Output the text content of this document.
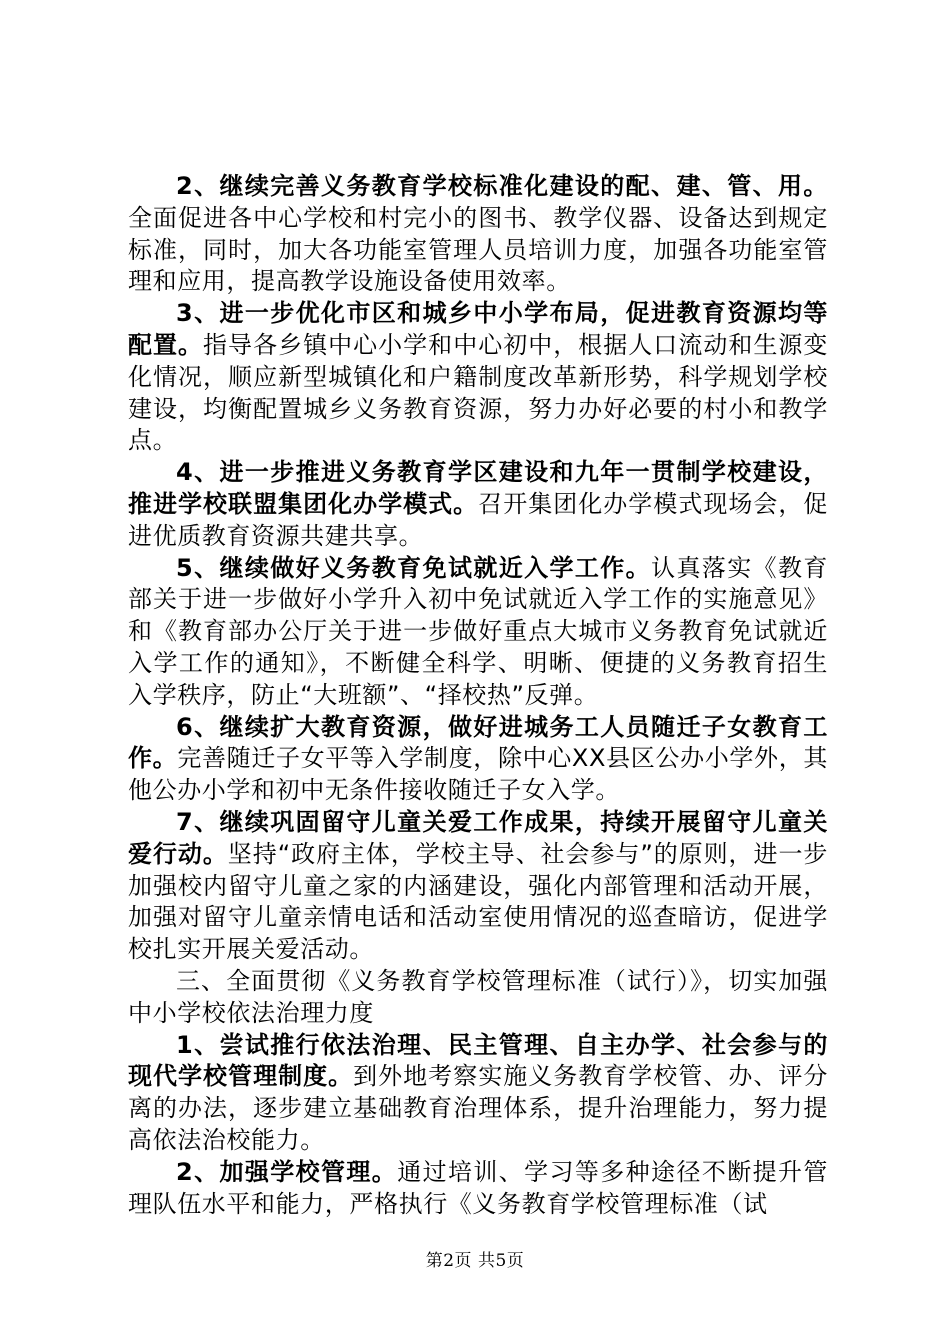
2、继续完善义务教育学校标准化建设的配、建、管、用。全面促进各中心学校和村完小的图书、教学仪器、设备达到规定标准，同时，加大各功能室管理人员培训力度，加强各功能室管理和应用，提高教学设施设备使用效率。

3、进一步优化市区和城乡中小学布局，促进教育资源均等配置。指导各乡镇中心小学和中心初中，根据人口流动和生源变化情况，顺应新型城镇化和户籍制度改革新形势，科学规划学校建设，均衡配置城乡义务教育资源，努力办好必要的村小和教学点。

4、进一步推进义务教育学区建设和九年一贯制学校建设，推进学校联盟集团化办学模式。召开集团化办学模式现场会，促进优质教育资源共建共享。

5、继续做好义务教育免试就近入学工作。认真落实《教育部关于进一步做好小学升入初中免试就近入学工作的实施意见》和《教育部办公厅关于进一步做好重点大城市义务教育免试就近入学工作的通知》，不断健全科学、明晰、便捷的义务教育招生入学秩序，防止“大班额”、“择校热”反弹。

6、继续扩大教育资源，做好进城务工人员随迁子女教育工作。完善随迁子女平等入学制度，除中心XX县区公办小学外，其他公办小学和初中无条件接收随迁子女入学。

7、继续巩固留守儿童关爱工作成果，持续开展留守儿童关爱行动。坚持“政府主体，学校主导、社会参与”的原则，进一步加强校内留守儿童之家的内涵建设，强化内部管理和活动开展，加强对留守儿童亲情电话和活动室使用情况的巡查暗访，促进学校扎实开展关爱活动。

三、全面贯彻《义务教育学校管理标准（试行）》，切实加强中小学校依法治理力度

1、尝试推行依法治理、民主管理、自主办学、社会参与的现代学校管理制度。到外地考察实施义务教育学校管、办、评分离的办法，逐步建立基础教育治理体系，提升治理能力，努力提高依法治校能力。

2、加强学校管理。通过培训、学习等多种途径不断提升管理队伍水平和能力，严格执行《义务教育学校管理标准（试

第2页 共5页
